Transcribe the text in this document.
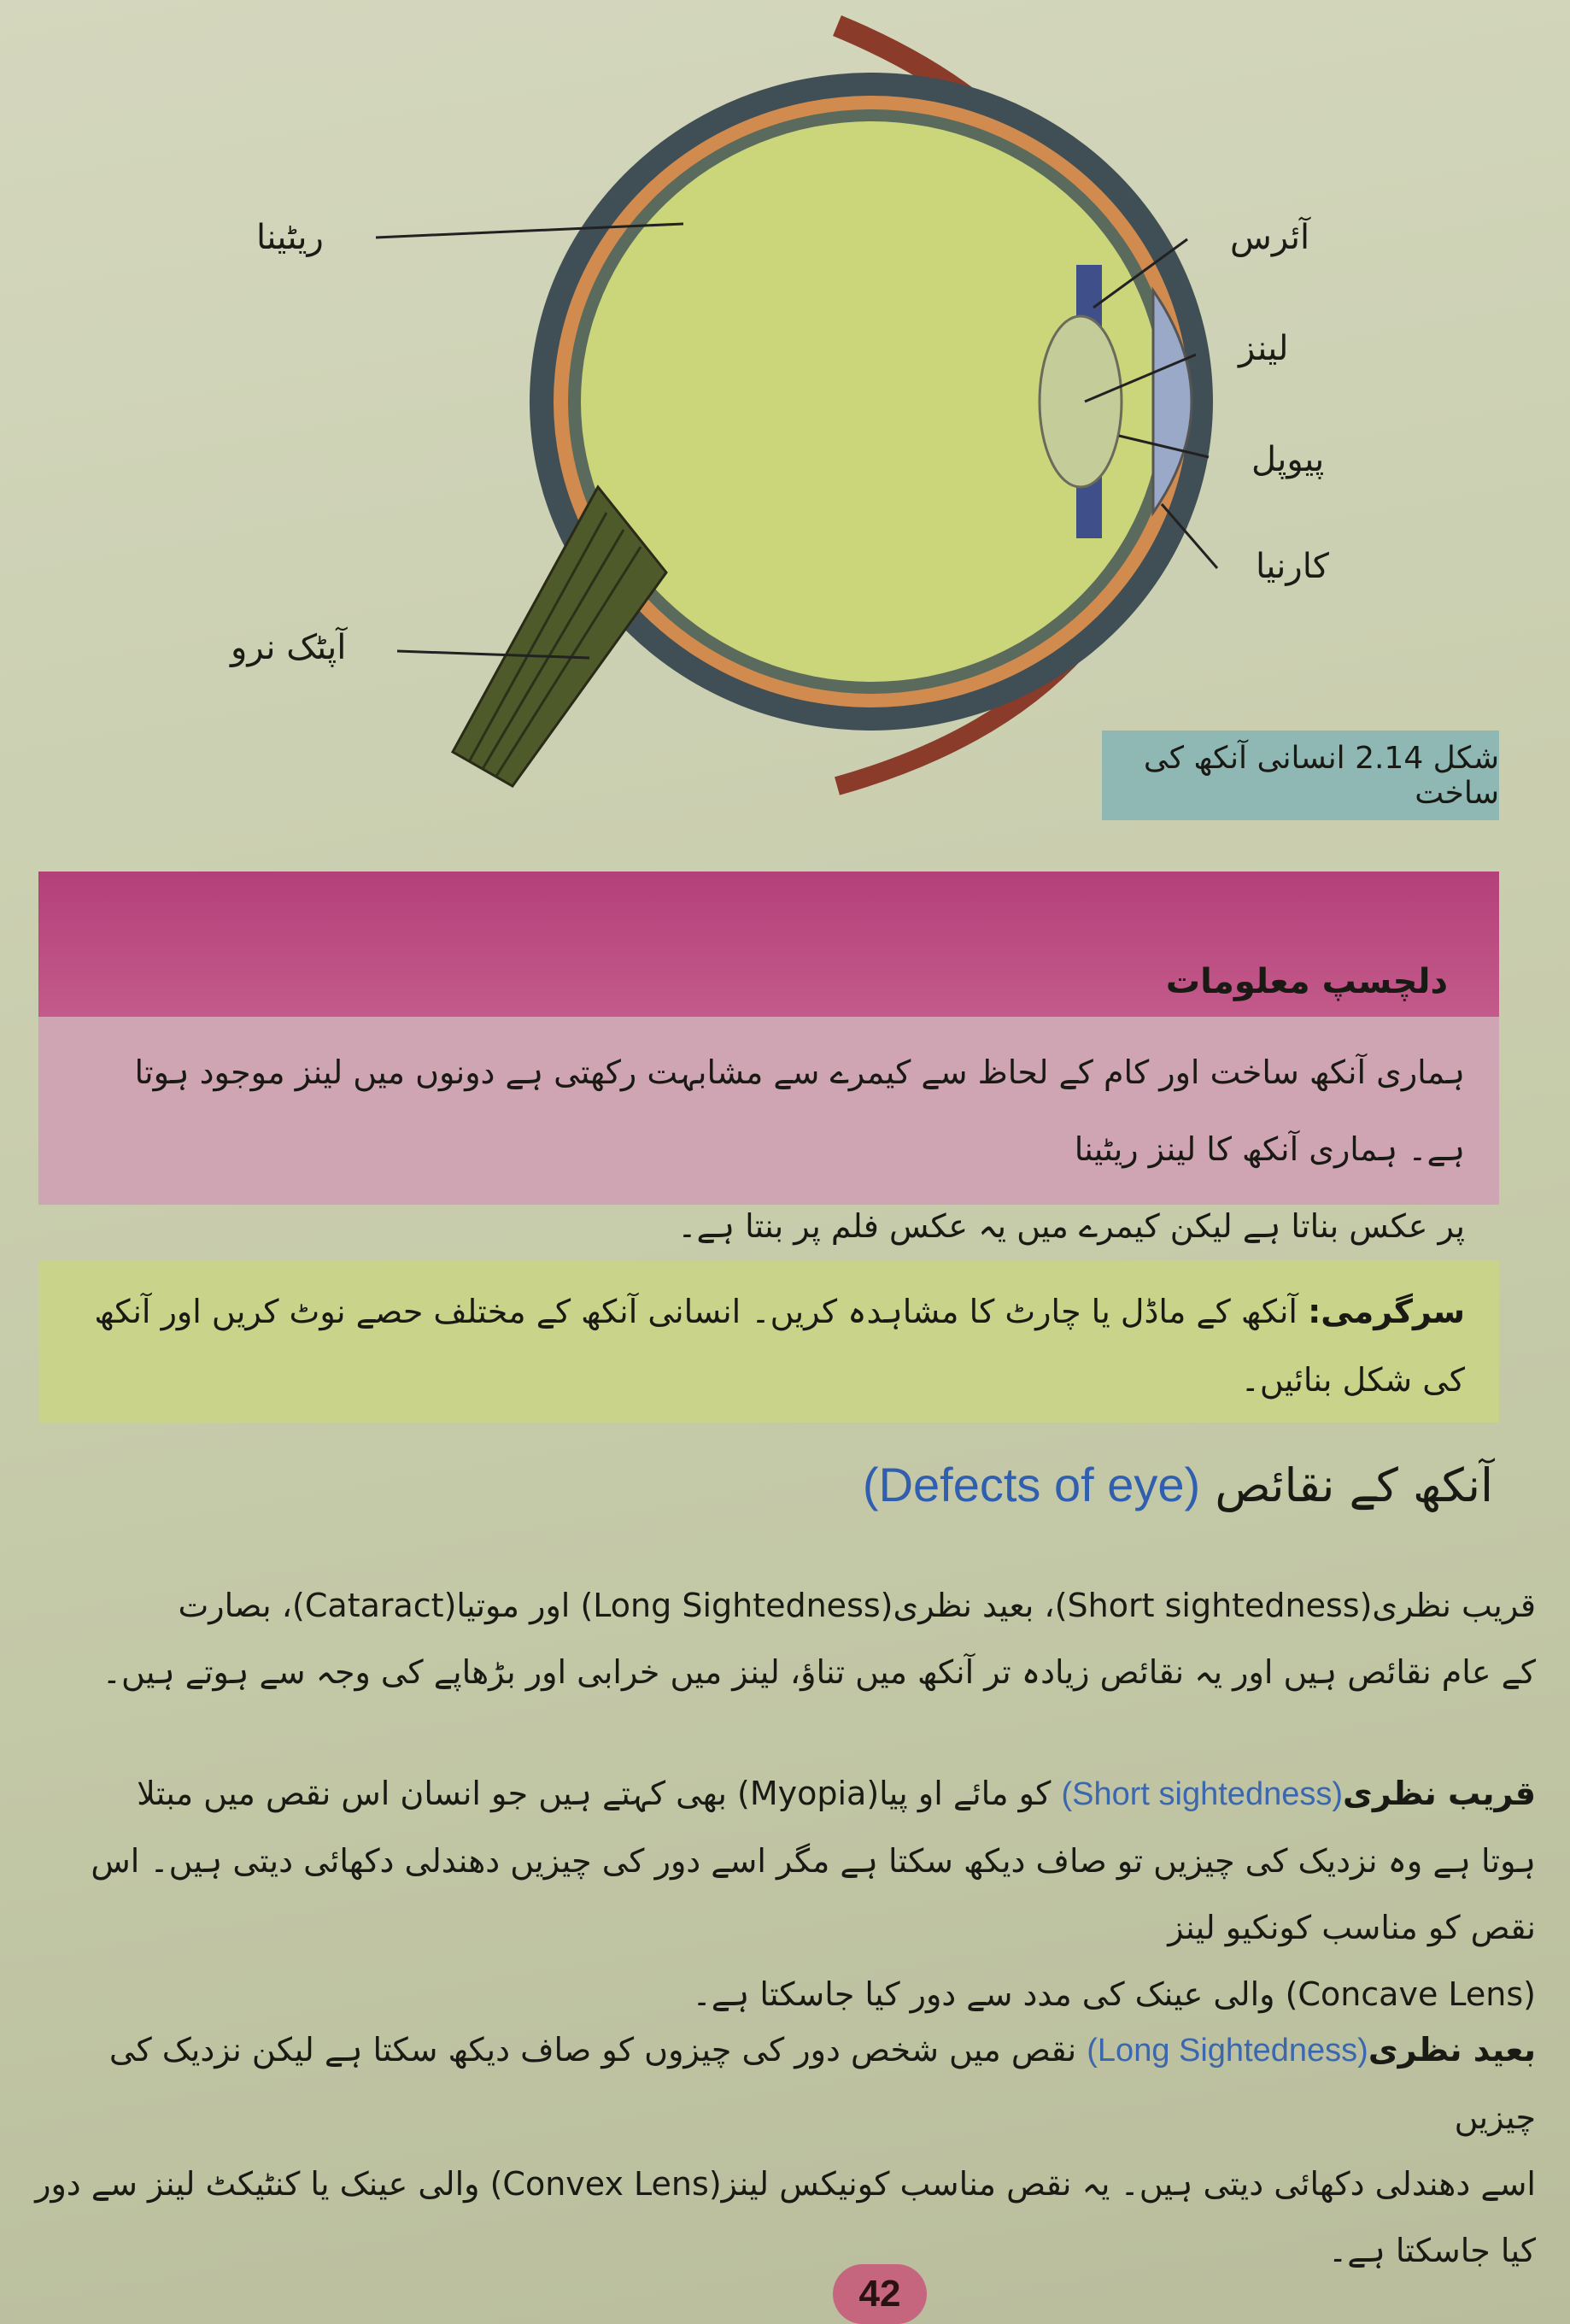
ریٹینا	آئرس
لینز
پیوپل
کارنیا
آپٹک نرو
شکل 2.14 انسانی آنکھ کی ساخت
دلچسپ معلومات
ہماری آنکھ ساخت اور کام کے لحاظ سے کیمرے سے مشابہت رکھتی ہے دونوں میں لینز موجود ہوتا ہے۔ ہماری آنکھ کا لینز ریٹینا
پر عکس بناتا ہے لیکن کیمرے میں یہ عکس فلم پر بنتا ہے۔
سرگرمی: آنکھ کے ماڈل یا چارٹ کا مشاہدہ کریں۔ انسانی آنکھ کے مختلف حصے نوٹ کریں اور آنکھ کی شکل بنائیں۔
آنکھ کے نقائص (Defects of eye)
قریب نظری(Short sightedness)، بعید نظری(Long Sightedness) اور موتیا(Cataract)، بصارت
کے عام نقائص ہیں اور یہ نقائص زیادہ تر آنکھ میں تناؤ، لینز میں خرابی اور بڑھاپے کی وجہ سے ہوتے ہیں۔
قریب نظری(Short sightedness) کو مائے او پیا(Myopia) بھی کہتے ہیں جو انسان اس نقص میں مبتلا
ہوتا ہے وہ نزدیک کی چیزیں تو صاف دیکھ سکتا ہے مگر اسے دور کی چیزیں دھندلی دکھائی دیتی ہیں۔ اس نقص کو مناسب کونکیو لینز
(Concave Lens) والی عینک کی مدد سے دور کیا جاسکتا ہے۔
بعید نظری(Long Sightedness) نقص میں شخص دور کی چیزوں کو صاف دیکھ سکتا ہے لیکن نزدیک کی چیزیں
اسے دھندلی دکھائی دیتی ہیں۔ یہ نقص مناسب کونیکس لینز(Convex Lens) والی عینک یا کنٹیکٹ لینز سے دور کیا جاسکتا ہے۔
42
